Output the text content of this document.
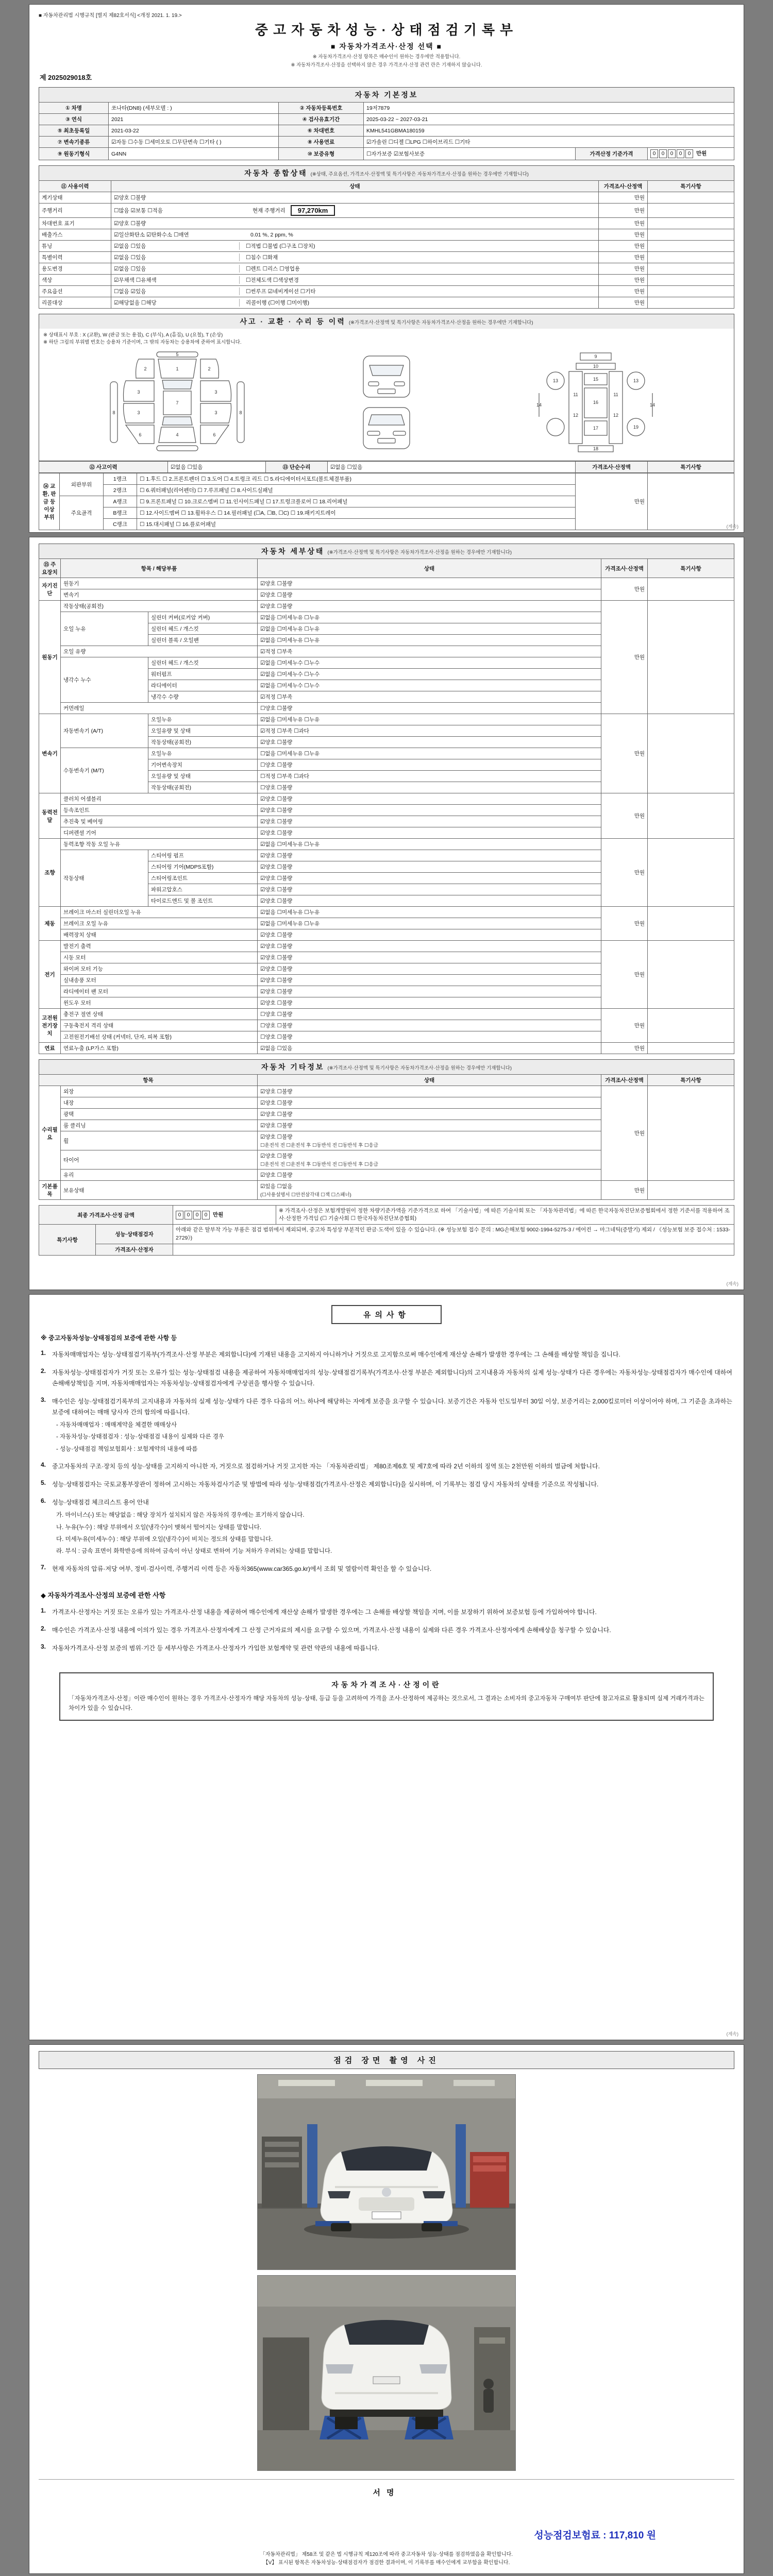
■ 자동차관리법 시행규칙 [별지 제82호서식] <개정 2021. 1. 19.>
중고자동차성능·상태점검기록부
■ 자동차가격조사·산정 선택 ■
※ 자동차가격조사·산정 항목은 매수인이 원하는 경우에만 적용합니다.
※ 자동차가격조사·산정을 선택하지 않은 경우 가격조사·산정 관련 란은 기재하지 않습니다.
제 2025029018호
자동차 기본정보
① 차명	쏘나타(DN8) (세부모델 : )	② 자동차등록번호	19저7879		
③ 연식	2021	④ 검사유효기간	2025-03-22 ~ 2027-03-21		
⑤ 최초등록일	2021-03-22	⑥ 차대번호	KMHL541GBMA180159		
⑦ 변속기종류	☑자동 ☐수동 ☐세미오토 ☐무단변속 ☐기타 ( )	⑧ 사용연료	☑가솔린 ☐디젤 ☐LPG ☐하이브리드 ☐기타		
⑨ 원동기형식	G4NN	⑩ 보증유형	☐자가보증 ☑보험사보증	가격산정 기준가격	0 0 0 0 0 만원
자동차 종합상태 (※상태, 주요옵션, 가격조사·산정액 및 특기사항은 자동차가격조사·산정을 원하는 경우에만 기재합니다)
⑪ 사용이력	상태	가격조사·산정액	특기사항
계기상태	☑양호 ☐불량	만원	
주행거리	☐많음 ☑보통 ☐적음 현재 주행거리 97,270km	만원	
차대번호 표기	☑양호 ☐불량	만원	
배출가스	☑일산화탄소 ☑탄화수소 ☐매연 0.01 %, 2 ppm, %	만원	
튜닝	☑없음 ☐있음 ☐적법 ☐불법 (☐구조 ☐장치)	만원	
특별이력	☑없음 ☐있음 ☐침수 ☐화재	만원	
용도변경	☑없음 ☐있음 ☐렌트 ☐리스 ☐영업용	만원	
색상	☑무채색 ☐유채색 ☐전체도색 ☐색상변경	만원	
주요옵션	☐없음 ☑있음 ☐썬루프 ☑네비게이션 ☐기타	만원	
리콜대상	☑해당없음 ☐해당 리콜이행 (☐이행 ☐미이행)	만원	
사고 · 교환 · 수리 등 이력 (※가격조사·산정액 및 특기사항은 자동차가격조사·산정을 원하는 경우에만 기재합니다)
※ 상태표시 부호 : X (교환), W (판금 또는 용접), C (부식), A (흠집), U (요철), T (손상)
※ 하단 그림의 부위별 번호는 승용차 기준이며, 그 밖의 자동차는 승용차에 준하여 표시합니다.
1
2	2
3	3
3	3
4
5
6	6
7
8	8
9
10
11	11
12	12
13	13
14	14
15
16
17
18
19
⑫ 사고이력	☑없음 ☐있음	⑬ 단순수리	☑없음 ☐있음	가격조사·산정액	특기사항
⑭ 교환, 판금 등 이상 부위	외판부위	1랭크	☐ 1.후드 ☐ 2.프론트펜더 ☐ 3.도어 ☐ 4.트렁크 리드 ☐ 5.라디에이터서포트(볼트체결부품)	만원	
		2랭크	☐ 6.쿼터패널(리어펜더) ☐ 7.루프패널 ☐ 8.사이드실패널		
	주요골격	A랭크	☐ 9.프론트패널 ☐ 10.크로스멤버 ☐ 11.인사이드패널 ☐ 17.트렁크플로어 ☐ 18.리어패널		
		B랭크	☐ 12.사이드멤버 ☐ 13.휠하우스 ☐ 14.필러패널 (☐A, ☐B, ☐C) ☐ 19.패키지트레이		
		C랭크	☐ 15.대시패널 ☐ 16.플로어패널			(계속)
자동차 세부상태 (※가격조사·산정액 및 특기사항은 자동차가격조사·산정을 원하는 경우에만 기재합니다)
⑮ 주요장치	항목 / 해당부품		상태	가격조사·산정액	특기사항
자기진단	원동기		☑양호 ☐불량	만원	
	변속기		☑양호 ☐불량		
원동기	작동상태(공회전)		☑양호 ☐불량	만원	
	오일 누유	실린더 커버(로커암 커버)	☑없음 ☐미세누유 ☐누유		
		실린더 헤드 / 개스킷	☑없음 ☐미세누유 ☐누유		
		실린더 블록 / 오일팬	☑없음 ☐미세누유 ☐누유		
	오일 유량		☑적정 ☐부족		
	냉각수 누수	실린더 헤드 / 개스킷	☑없음 ☐미세누수 ☐누수		
		워터펌프	☑없음 ☐미세누수 ☐누수		
		라디에이터	☑없음 ☐미세누수 ☐누수		
		냉각수 수량	☑적정 ☐부족		
	커먼레일		☐양호 ☐불량		
변속기	자동변속기 (A/T)	오일누유	☑없음 ☐미세누유 ☐누유	만원	
		오일유량 및 상태	☑적정 ☐부족 ☐과다		
		작동상태(공회전)	☑양호 ☐불량		
	수동변속기 (M/T)	오일누유	☐없음 ☐미세누유 ☐누유		
		기어변속장치	☐양호 ☐불량		
		오일유량 및 상태	☐적정 ☐부족 ☐과다		
		작동상태(공회전)	☐양호 ☐불량		
동력전달	클러치 어셈블리		☑양호 ☐불량	만원	
	등속조인트		☑양호 ☐불량		
	추진축 및 베어링		☑양호 ☐불량		
	디퍼렌셜 기어		☑양호 ☐불량		
조향	동력조향 작동 오일 누유		☑없음 ☐미세누유 ☐누유	만원	
	작동상태	스티어링 펌프	☑양호 ☐불량		
		스티어링 기어(MDPS포함)	☑양호 ☐불량		
		스티어링조인트	☑양호 ☐불량		
		파워고압호스	☑양호 ☐불량		
		타이로드엔드 및 볼 조인트	☑양호 ☐불량		
제동	브레이크 마스터 실린더오일 누유		☑없음 ☐미세누유 ☐누유	만원	
	브레이크 오일 누유		☑없음 ☐미세누유 ☐누유		
	배력장치 상태		☑양호 ☐불량		
전기	발전기 출력		☑양호 ☐불량	만원	
	시동 모터		☑양호 ☐불량		
	와이퍼 모터 기능		☑양호 ☐불량		
	실내송풍 모터		☑양호 ☐불량		
	라디에이터 팬 모터		☑양호 ☐불량		
	윈도우 모터		☑양호 ☐불량		
고전원 전기장치	충전구 절연 상태		☐양호 ☐불량	만원	
	구동축전지 격리 상태		☐양호 ☐불량		
	고전원전기배선 상태 (커넥터, 단자, 피복 포함)		☐양호 ☐불량		
연료	연료누출 (LP가스 포함)		☑없음 ☐있음	만원	
자동차 기타정보 (※가격조사·산정액 및 특기사항은 자동차가격조사·산정을 원하는 경우에만 기재합니다)
항목		상태	가격조사·산정액	특기사항
수리필요	외장	☑양호 ☐불량	만원	
	내장	☑양호 ☐불량		
	광택	☑양호 ☐불량		
	룸 클리닝	☑양호 ☐불량		
	휠	☑양호 ☐불량
☐운전석 전 ☐운전석 후 ☐동반석 전 ☐동반석 후 ☐응급		

	타이어	☑양호 ☐불량
☐운전석 전 ☐운전석 후 ☐동반석 전 ☐동반석 후 ☐응급		

	유리	☑양호 ☐불량		
기본품목	보유상태	☑있음 ☐없음
(☐사용설명서 ☐안전삼각대 ☐잭 ☐스패너)	만원	
최종 가격조사·산정 금액		0 0 0 0 만원	※ 가격조사·산정은 보험개발원이 정한 차량기준가액을 기준가격으로 하여 「기술사법」에 따른 기술사회 또는 「자동차관리법」에 따른 한국자동차진단보증협회에서 정한 기준서를 적용하여 조사·산정한 가격임 (☐ 기술사회 ☐ 한국자동차진단보증협회)
특기사항	성능·상태점검자	아래와 같은 탈부착 가능 부품은 점검 범위에서 제외되며, 중고차 특성상 부분적인 판금·도색이 있을 수 있습니다. (※ 성능보험 접수 문의 : MG손해보험 9002-1994-5275-3 / 에어컨 → 마그네틱(증발기) 제외 / 《성능보험 보증 접수처 : 1533-2729》)	
	가격조사·산정자		
(계속)
유의사항
※ 중고자동차성능·상태점검의 보증에 관한 사항 등
1. 자동차매매업자는 성능·상태점검기록부(가격조사·산정 부분은 제외합니다)에 기재된 내용을 고지하지 아니하거나 거짓으로 고지함으로써 매수인에게 재산상 손해가 발생한 경우에는 그 손해를 배상할 책임을 집니다.
2. 자동차성능·상태점검자가 거짓 또는 오류가 있는 성능·상태점검 내용을 제공하여 자동차매매업자의 성능·상태점검기록부(가격조사·산정 부분은 제외합니다)의 고지내용과 자동차의 실제 성능·상태가 다른 경우에는 자동차성능·상태점검자가 매수인에 대하여 손해배상책임을 지며, 자동차매매업자는 자동차성능·상태점검자에게 구상권을 행사할 수 있습니다.
3. 매수인은 성능·상태점검기록부의 고지내용과 자동차의 실제 성능·상태가 다른 경우 다음의 어느 하나에 해당하는 자에게 보증을 요구할 수 있습니다. 보증기간은 자동차 인도일부터 30일 이상, 보증거리는 2,000킬로미터 이상이어야 하며, 그 기준을 초과하는 보증에 대하여는 매매 당사자 간의 합의에 따릅니다.
- 자동차매매업자 : 매매계약을 체결한 매매상사
- 자동차성능·상태점검자 : 성능·상태점검 내용이 실제와 다른 경우
- 성능·상태점검 책임보험회사 : 보험계약의 내용에 따름
4. 중고자동차의 구조·장치 등의 성능·상태를 고지하지 아니한 자, 거짓으로 점검하거나 거짓 고지한 자는 「자동차관리법」 제80조제6호 및 제7호에 따라 2년 이하의 징역 또는 2천만원 이하의 벌금에 처합니다.
5. 성능·상태점검자는 국토교통부장관이 정하여 고시하는 자동차검사기준 및 방법에 따라 성능·상태점검(가격조사·산정은 제외합니다)을 실시하며, 이 기록부는 점검 당시 자동차의 상태를 기준으로 작성됩니다.
6. 성능·상태점검 체크리스트 용어 안내
가. 마이너스(-) 또는 해당없음 : 해당 장치가 설치되지 않은 자동차의 경우에는 표기하지 않습니다.
나. 누유(누수) : 해당 부위에서 오일(냉각수)이 맺혀서 떨어지는 상태를 말합니다.
다. 미세누유(미세누수) : 해당 부위에 오일(냉각수)이 비치는 정도의 상태를 말합니다.
라. 부식 : 금속 표면이 화학반응에 의하여 금속이 아닌 상태로 변하여 기능 저하가 우려되는 상태를 말합니다.
7. 현재 자동차의 압류·저당 여부, 정비·검사이력, 주행거리 이력 등은 자동차365(www.car365.go.kr)에서 조회 및 열람이력 확인을 할 수 있습니다.
◆ 자동차가격조사·산정의 보증에 관한 사항
1. 가격조사·산정자는 거짓 또는 오류가 있는 가격조사·산정 내용을 제공하여 매수인에게 재산상 손해가 발생한 경우에는 그 손해를 배상할 책임을 지며, 이를 보장하기 위하여 보증보험 등에 가입하여야 합니다.
2. 매수인은 가격조사·산정 내용에 이의가 있는 경우 가격조사·산정자에게 그 산정 근거자료의 제시를 요구할 수 있으며, 가격조사·산정 내용이 실제와 다른 경우 가격조사·산정자에게 손해배상을 청구할 수 있습니다.
3. 자동차가격조사·산정 보증의 범위·기간 등 세부사항은 가격조사·산정자가 가입한 보험계약 및 관련 약관의 내용에 따릅니다.
자동차가격조사·산정이란
「자동차가격조사·산정」이란 매수인이 원하는 경우 가격조사·산정자가 해당 자동차의 성능·상태, 등급 등을 고려하여 가격을 조사·산정하여 제공하는 것으로서, 그 결과는 소비자의 중고자동차 구매여부 판단에 참고자료로 활용되며 실제 거래가격과는 차이가 있을 수 있습니다.
(계속)
점검 장면 촬영 사진
서명
성능점검보험료 : 117,810 원
「자동차관리법」 제58조 및 같은 법 시행규칙 제120조에 따라 중고자동차 성능·상태를 점검하였음을 확인합니다.
【V】 표시된 항목은 자동차성능·상태점검자가 점검한 결과이며, 이 기록부를 매수인에게 교부함을 확인합니다.
